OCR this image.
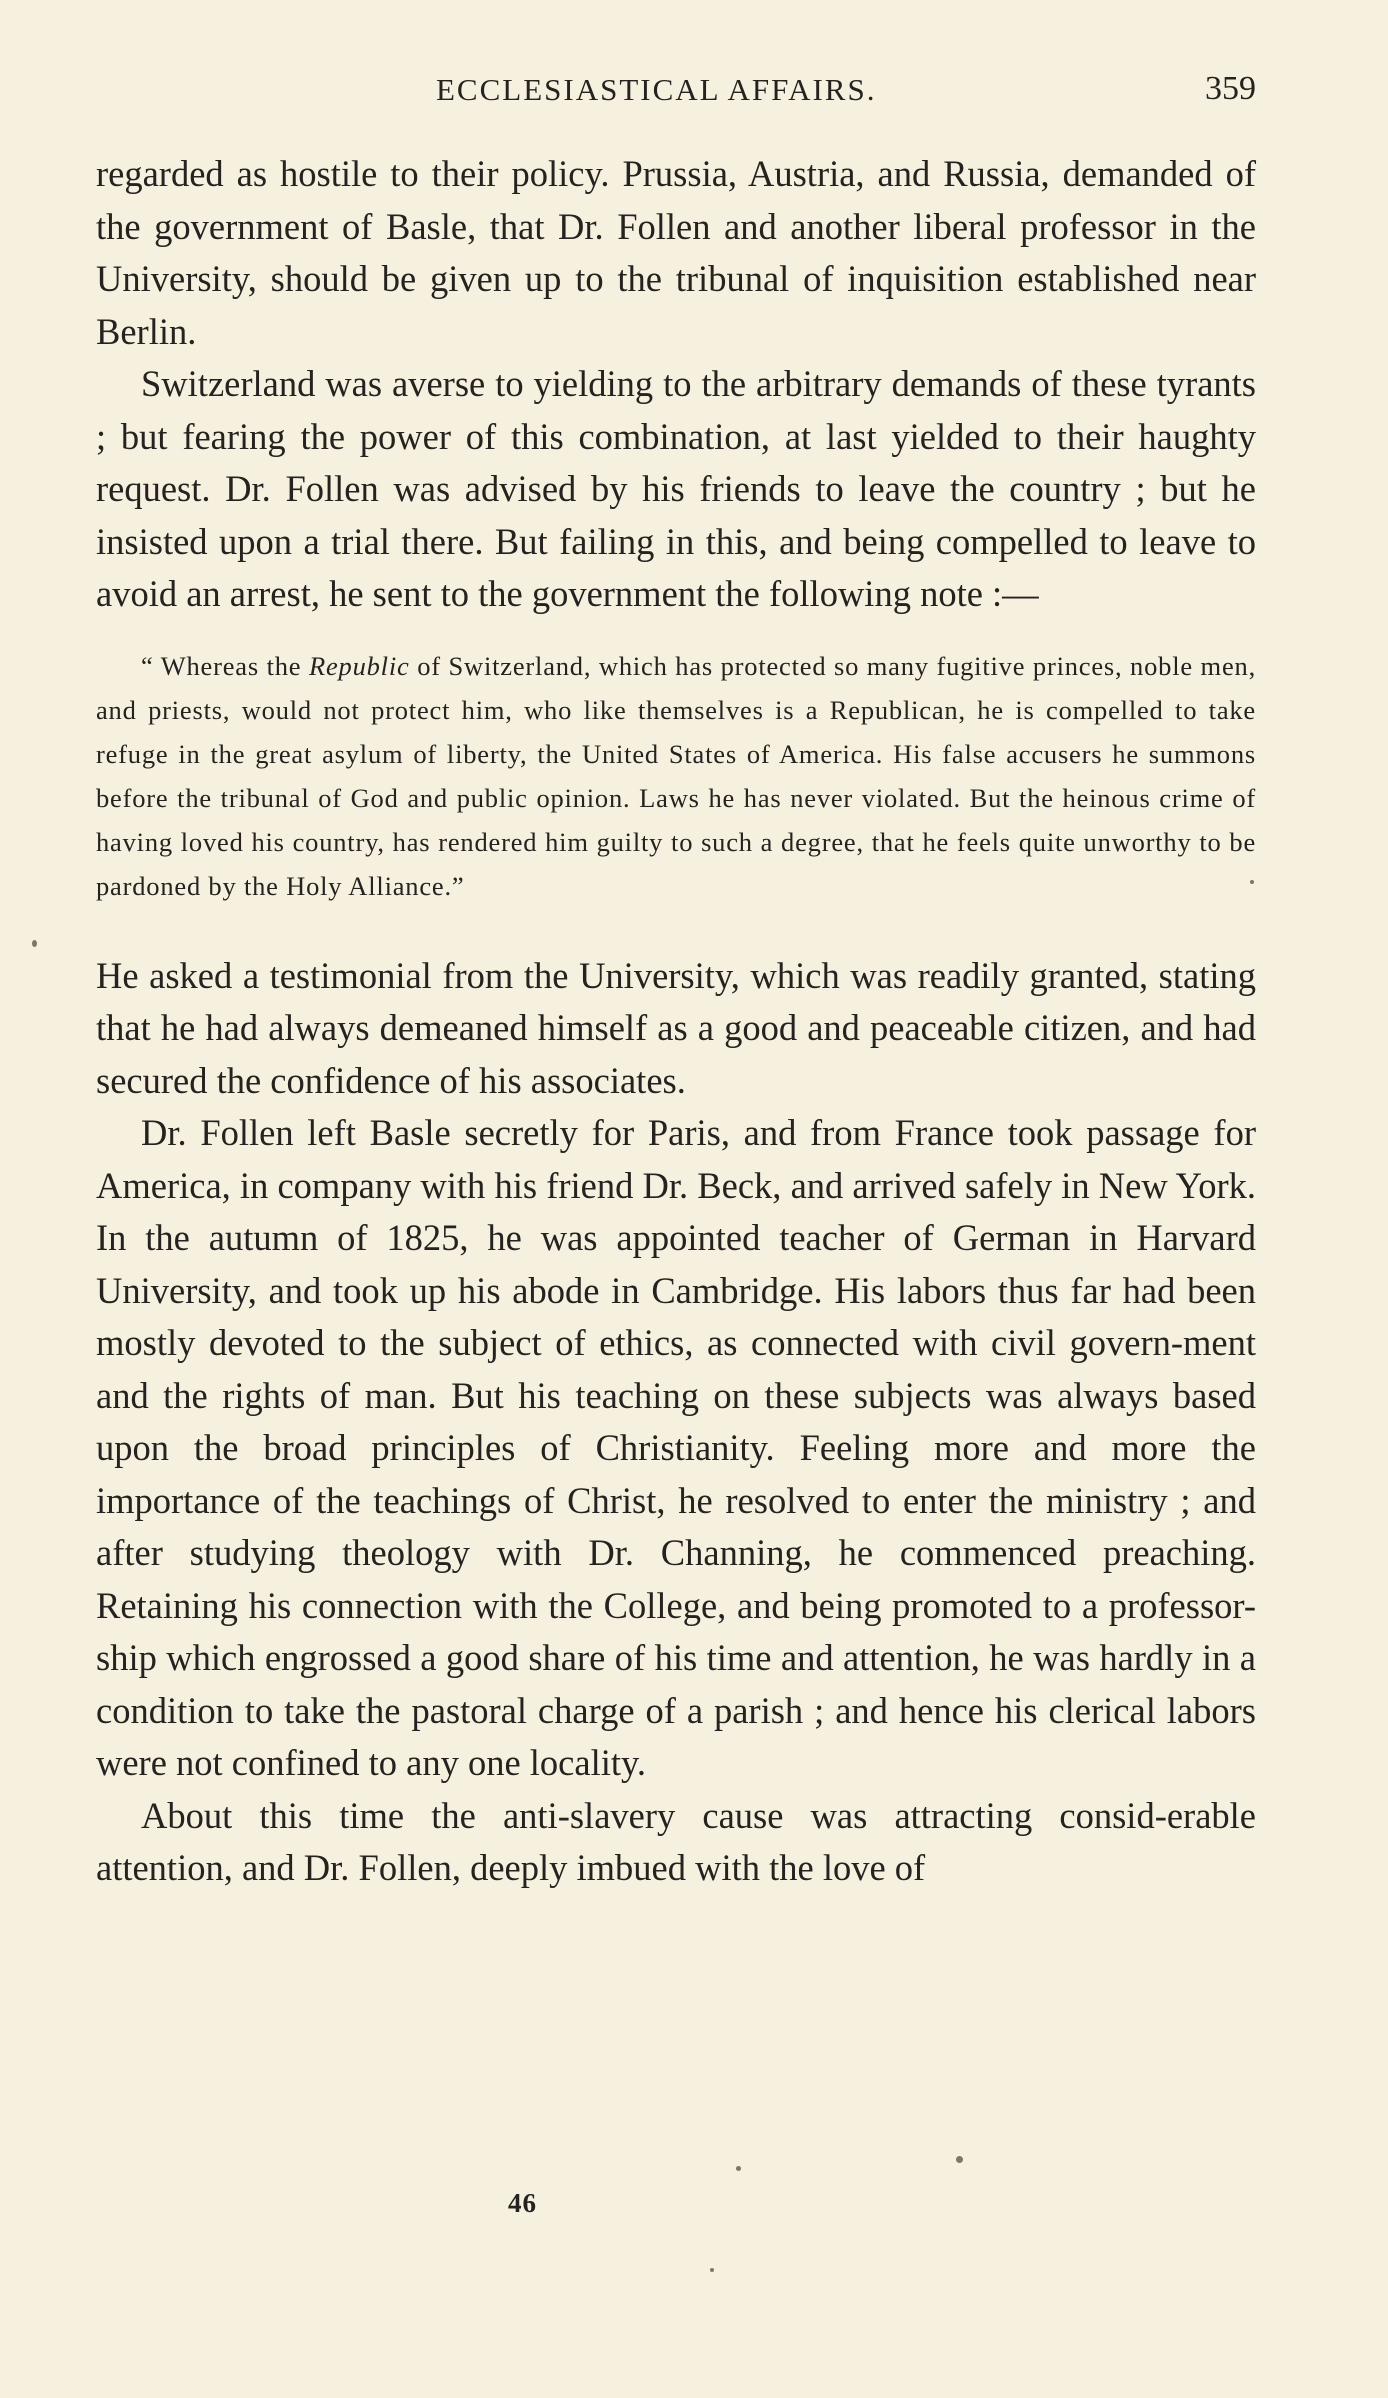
ECCLESIASTICAL AFFAIRS.	359

regarded as hostile to their policy. Prussia, Austria, and Russia, demanded of the government of Basle, that Dr. Follen and another liberal professor in the University, should be given up to the tribunal of inquisition established near Berlin.

Switzerland was averse to yielding to the arbitrary demands of these tyrants ; but fearing the power of this combination, at last yielded to their haughty request. Dr. Follen was advised by his friends to leave the country ; but he insisted upon a trial there. But failing in this, and being compelled to leave to avoid an arrest, he sent to the government the following note :—

“ Whereas the Republic of Switzerland, which has protected so many fugitive princes, noble men, and priests, would not protect him, who like themselves is a Republican, he is compelled to take refuge in the great asylum of liberty, the United States of America. His false accusers he summons before the tribunal of God and public opinion. Laws he has never violated. But the heinous crime of having loved his country, has rendered him guilty to such a degree, that he feels quite unworthy to be pardoned by the Holy Alliance.”

He asked a testimonial from the University, which was readily granted, stating that he had always demeaned himself as a good and peaceable citizen, and had secured the confidence of his associates.

Dr. Follen left Basle secretly for Paris, and from France took passage for America, in company with his friend Dr. Beck, and arrived safely in New York. In the autumn of 1825, he was appointed teacher of German in Harvard University, and took up his abode in Cambridge. His labors thus far had been mostly devoted to the subject of ethics, as connected with civil govern-ment and the rights of man. But his teaching on these subjects was always based upon the broad principles of Christianity. Feeling more and more the importance of the teachings of Christ, he resolved to enter the ministry ; and after studying theology with Dr. Channing, he commenced preaching. Retaining his connection with the College, and being promoted to a professor-ship which engrossed a good share of his time and attention, he was hardly in a condition to take the pastoral charge of a parish ; and hence his clerical labors were not confined to any one locality.

About this time the anti-slavery cause was attracting consid-erable attention, and Dr. Follen, deeply imbued with the love of

46
